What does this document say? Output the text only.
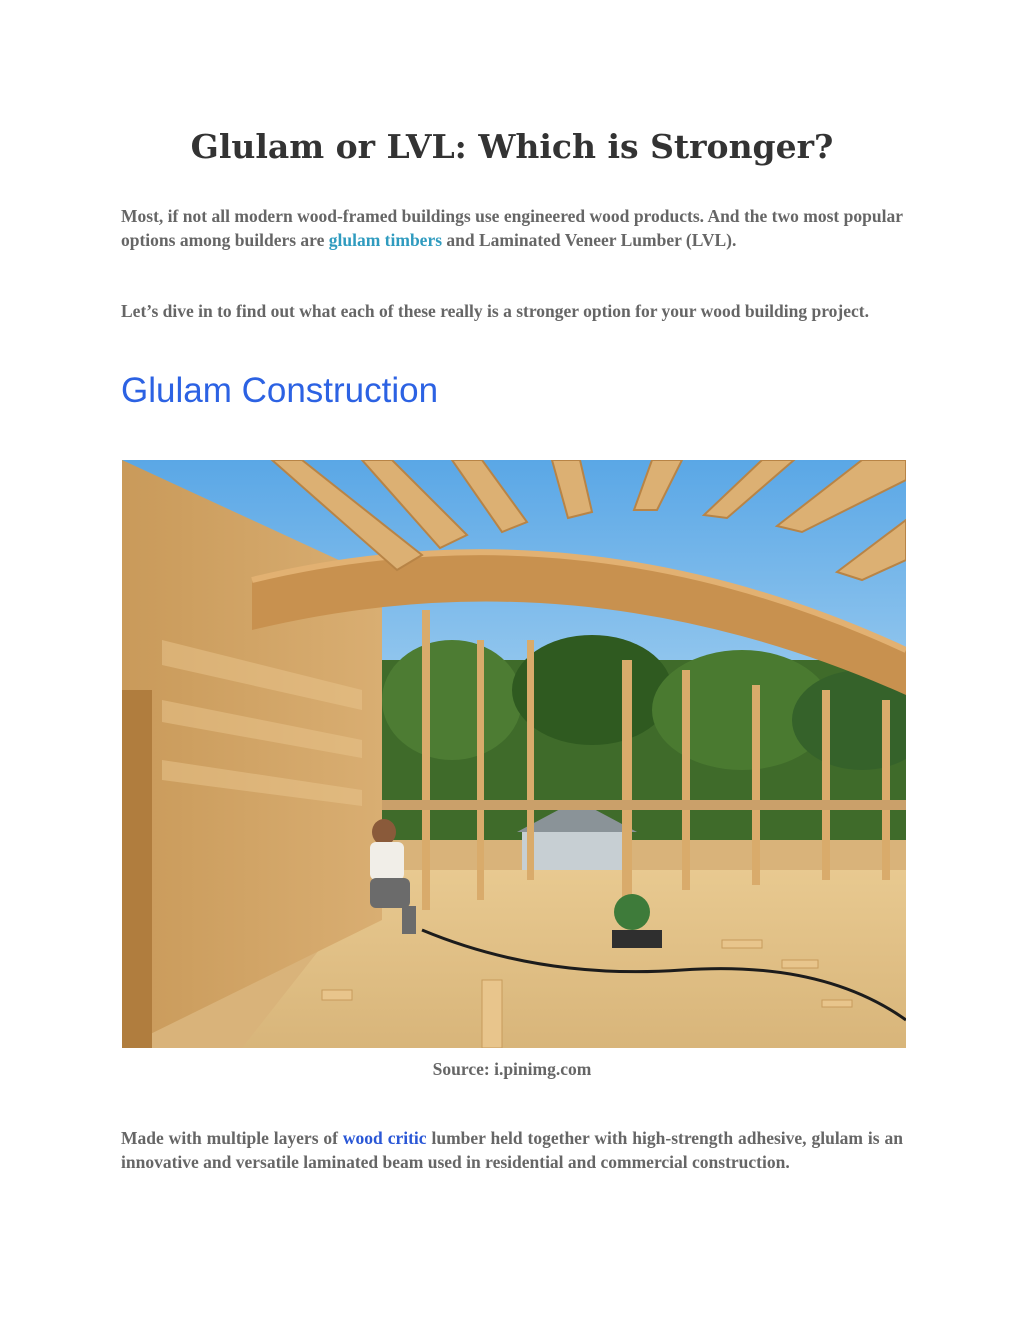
Glulam or LVL: Which is Stronger?

Most, if not all modern wood-framed buildings use engineered wood products. And the two most popular options among builders are glulam timbers and Laminated Veneer Lumber (LVL).

Let’s dive in to find out what each of these really is a stronger option for your wood building project.

Glulam Construction

Source: i.pinimg.com

Made with multiple layers of wood critic lumber held together with high-strength adhesive, glulam is an innovative and versatile laminated beam used in residential and commercial construction.
